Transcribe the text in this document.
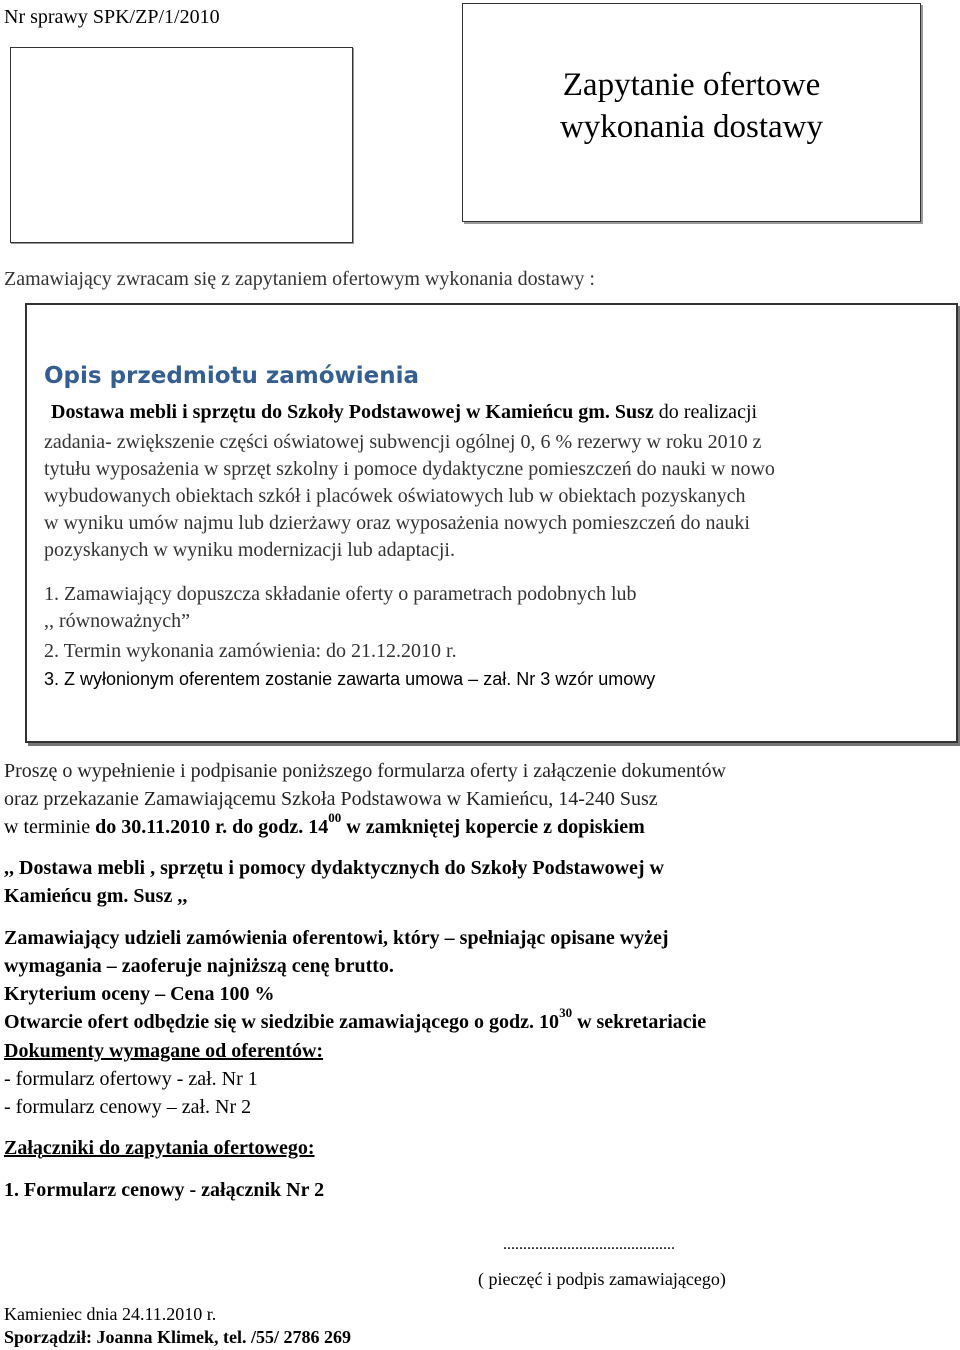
Nr sprawy SPK/ZP/1/2010
Zapytanie ofertowe
wykonania dostawy
Zamawiający zwracam się z zapytaniem ofertowym wykonania dostawy :
Opis przedmiotu zamówienia
Dostawa mebli i sprzętu do Szkoły Podstawowej w Kamieńcu gm. Susz do realizacji
zadania- zwiększenie części oświatowej subwencji ogólnej 0, 6 % rezerwy w roku 2010 z
tytułu wyposażenia w sprzęt szkolny i pomoce dydaktyczne pomieszczeń do nauki w nowo
wybudowanych obiektach szkół i placówek oświatowych lub w obiektach pozyskanych
w wyniku umów najmu lub dzierżawy oraz wyposażenia nowych pomieszczeń do nauki
pozyskanych w wyniku modernizacji lub adaptacji.
1. Zamawiający dopuszcza składanie oferty o parametrach podobnych lub
,, równoważnych”
2. Termin wykonania zamówienia: do 21.12.2010 r.
3. Z wyłonionym oferentem zostanie zawarta umowa – zał. Nr 3 wzór umowy
Proszę o wypełnienie i podpisanie poniższego formularza oferty i załączenie dokumentów
oraz przekazanie Zamawiającemu Szkoła Podstawowa w Kamieńcu, 14-240 Susz
w terminie do 30.11.2010 r. do godz. $14^{00}$ w zamkniętej kopercie z dopiskiem
,, Dostawa mebli , sprzętu i pomocy dydaktycznych do Szkoły Podstawowej w
Kamieńcu gm. Susz ,,
Zamawiający udzieli zamówienia oferentowi, który – spełniając opisane wyżej
wymagania – zaoferuje najniższą cenę brutto.
Kryterium oceny – Cena 100 %
Otwarcie ofert odbędzie się w siedzibie zamawiającego o godz. $10^{30}$ w sekretariacie
Dokumenty wymagane od oferentów:
- formularz ofertowy - zał. Nr 1
- formularz cenowy – zał. Nr 2
Załączniki do zapytania ofertowego:
1. Formularz cenowy - załącznik Nr 2
...........................................
( pieczęć i podpis zamawiającego)
Kamieniec dnia 24.11.2010 r.
Sporządził: Joanna Klimek, tel. /55/ 2786 269
